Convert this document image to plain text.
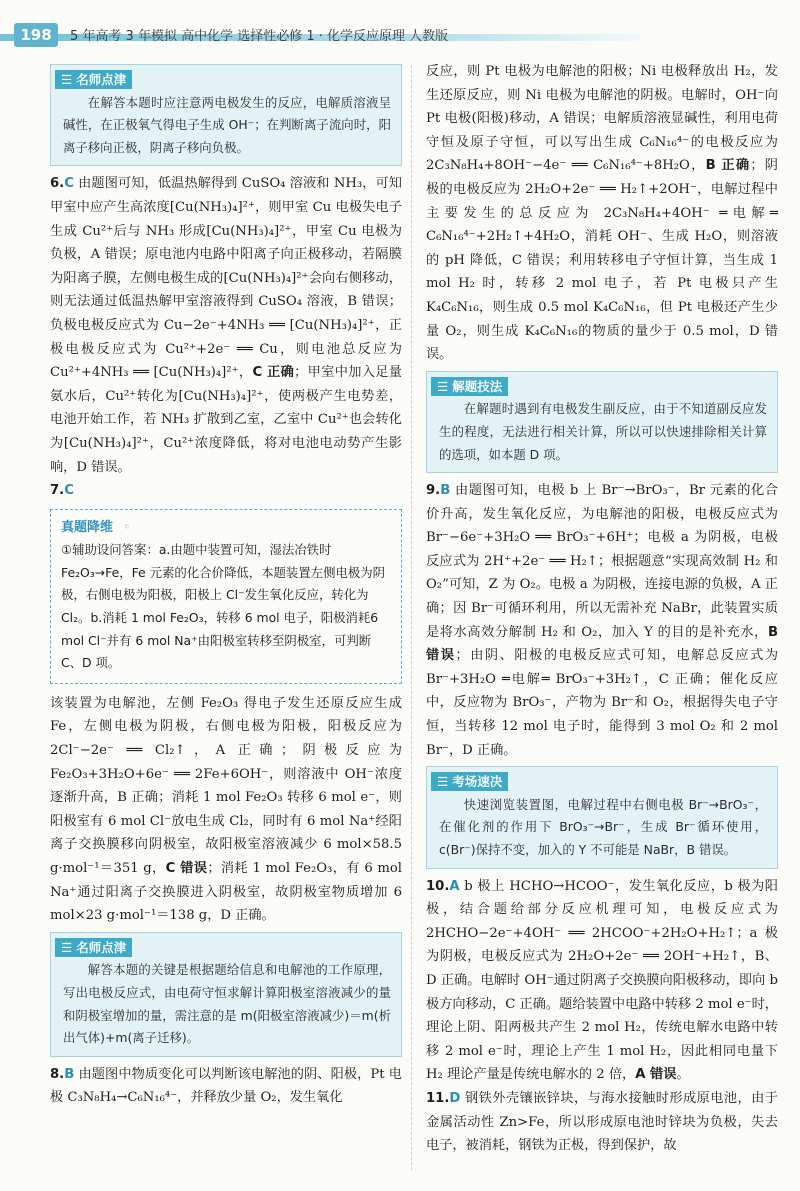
198	5 年高考 3 年模拟 高中化学 选择性必修 1 · 化学反应原理 人教版
☰ 名师点津
在解答本题时应注意两电极发生的反应，电解质溶液呈碱性，在正极氧气得电子生成 OH⁻；在判断离子流向时，阳离子移向正极，阴离子移向负极。

6.C 由题图可知，低温热解得到 CuSO₄ 溶液和 NH₃，可知甲室中应产生高浓度[Cu(NH₃)₄]²⁺，则甲室 Cu 电极失电子生成 Cu²⁺后与 NH₃ 形成[Cu(NH₃)₄]²⁺，甲室 Cu 电极为负极，A 错误；原电池内电路中阳离子向正极移动，若隔膜为阳离子膜，左侧电极生成的[Cu(NH₃)₄]²⁺会向右侧移动，则无法通过低温热解甲室溶液得到 CuSO₄ 溶液，B 错误；负极电极反应式为 Cu−2e⁻+4NH₃ ══ [Cu(NH₃)₄]²⁺，正极电极反应式为 Cu²⁺+2e⁻ ══ Cu，则电池总反应为 Cu²⁺+4NH₃ ══ [Cu(NH₃)₄]²⁺，C 正确；甲室中加入足量氨水后，Cu²⁺转化为[Cu(NH₃)₄]²⁺，使两极产生电势差，电池开始工作，若 NH₃ 扩散到乙室，乙室中 Cu²⁺也会转化为[Cu(NH₃)₄]²⁺，Cu²⁺浓度降低，将对电池电动势产生影响，D 错误。

7.C

真题降维 ◦
①辅助设问答案：a.由题中装置可知，湿法冶铁时 Fe₂O₃→Fe，Fe 元素的化合价降低，本题装置左侧电极为阴极，右侧电极为阳极，阳极上 Cl⁻发生氧化反应，转化为 Cl₂。b.消耗 1 mol Fe₂O₃，转移 6 mol 电子，阳极消耗6 mol Cl⁻并有 6 mol Na⁺由阳极室转移至阴极室，可判断 C、D 项。

该装置为电解池，左侧 Fe₂O₃ 得电子发生还原反应生成 Fe，左侧电极为阴极，右侧电极为阳极，阳极反应为 2Cl⁻−2e⁻ ══ Cl₂↑，A 正确；阴极反应为 Fe₂O₃+3H₂O+6e⁻ ══ 2Fe+6OH⁻，则溶液中 OH⁻浓度逐渐升高，B 正确；消耗 1 mol Fe₂O₃ 转移 6 mol e⁻，则阳极室有 6 mol Cl⁻放电生成 Cl₂，同时有 6 mol Na⁺经阳离子交换膜移向阴极室，故阳极室溶液减少 6 mol×58.5 g·mol⁻¹＝351 g，C 错误；消耗 1 mol Fe₂O₃，有 6 mol Na⁺通过阳离子交换膜进入阴极室，故阴极室物质增加 6 mol×23 g·mol⁻¹＝138 g，D 正确。

☰ 名师点津
解答本题的关键是根据题给信息和电解池的工作原理，写出电极反应式，由电荷守恒求解计算阳极室溶液减少的量和阴极室增加的量，需注意的是 m(阳极室溶液减少)＝m(析出气体)+m(离子迁移)。

8.B 由题图中物质变化可以判断该电解池的阴、阳极，Pt 电极 C₃N₈H₄→C₆N₁₆⁴⁻，并释放少量 O₂，发生氧化

反应，则 Pt 电极为电解池的阳极；Ni 电极释放出 H₂，发生还原反应，则 Ni 电极为电解池的阴极。电解时，OH⁻向 Pt 电极(阳极)移动，A 错误；电解质溶液显碱性，利用电荷守恒及原子守恒，可以写出生成 C₆N₁₆⁴⁻的电极反应为 2C₃N₈H₄+8OH⁻−4e⁻ ══ C₆N₁₆⁴⁻+8H₂O，B 正确；阴极的电极反应为 2H₂O+2e⁻ ══ H₂↑+2OH⁻，电解过程中主要发生的总反应为 2C₃N₈H₄+4OH⁻ ═电解═ C₆N₁₆⁴⁻+2H₂↑+4H₂O，消耗 OH⁻、生成 H₂O，则溶液的 pH 降低，C 错误；利用转移电子守恒计算，当生成 1 mol H₂ 时，转移 2 mol 电子，若 Pt 电极只产生 K₄C₆N₁₆，则生成 0.5 mol K₄C₆N₁₆，但 Pt 电极还产生少量 O₂，则生成 K₄C₆N₁₆的物质的量少于 0.5 mol，D 错误。

☰ 解题技法
在解题时遇到有电极发生副反应，由于不知道副反应发生的程度，无法进行相关计算，所以可以快速排除相关计算的选项，如本题 D 项。

9.B 由题图可知，电极 b 上 Br⁻→BrO₃⁻，Br 元素的化合价升高，发生氧化反应，为电解池的阳极，电极反应式为 Br⁻−6e⁻+3H₂O ══ BrO₃⁻+6H⁺；电极 a 为阴极，电极反应式为 2H⁺+2e⁻ ══ H₂↑；根据题意“实现高效制 H₂ 和 O₂”可知，Z 为 O₂。电极 a 为阴极，连接电源的负极，A 正确；因 Br⁻可循环利用，所以无需补充 NaBr，此装置实质是将水高效分解制 H₂ 和 O₂，加入 Y 的目的是补充水，B 错误；由阴、阳极的电极反应式可知，电解总反应式为 Br⁻+3H₂O ═电解═ BrO₃⁻+3H₂↑，C 正确；催化反应中，反应物为 BrO₃⁻，产物为 Br⁻和 O₂，根据得失电子守恒，当转移 12 mol 电子时，能得到 3 mol O₂ 和 2 mol Br⁻，D 正确。

☰ 考场速决
快速浏览装置图，电解过程中右侧电极 Br⁻→BrO₃⁻，在催化剂的作用下 BrO₃⁻→Br⁻，生成 Br⁻循环使用，c(Br⁻)保持不变，加入的 Y 不可能是 NaBr，B 错误。

10.A b 极上 HCHO→HCOO⁻，发生氧化反应，b 极为阳极，结合题给部分反应机理可知，电极反应式为 2HCHO−2e⁻+4OH⁻ ══ 2HCOO⁻+2H₂O+H₂↑；a 极为阴极，电极反应式为 2H₂O+2e⁻ ══ 2OH⁻+H₂↑，B、D 正确。电解时 OH⁻通过阴离子交换膜向阳极移动，即向 b 极方向移动，C 正确。题给装置中电路中转移 2 mol e⁻时，理论上阴、阳两极共产生 2 mol H₂，传统电解水电路中转移 2 mol e⁻时，理论上产生 1 mol H₂，因此相同电量下 H₂ 理论产量是传统电解水的 2 倍，A 错误。

11.D 钢铁外壳镶嵌锌块，与海水接触时形成原电池，由于金属活动性 Zn>Fe，所以形成原电池时锌块为负极，失去电子，被消耗，钢铁为正极，得到保护，故
